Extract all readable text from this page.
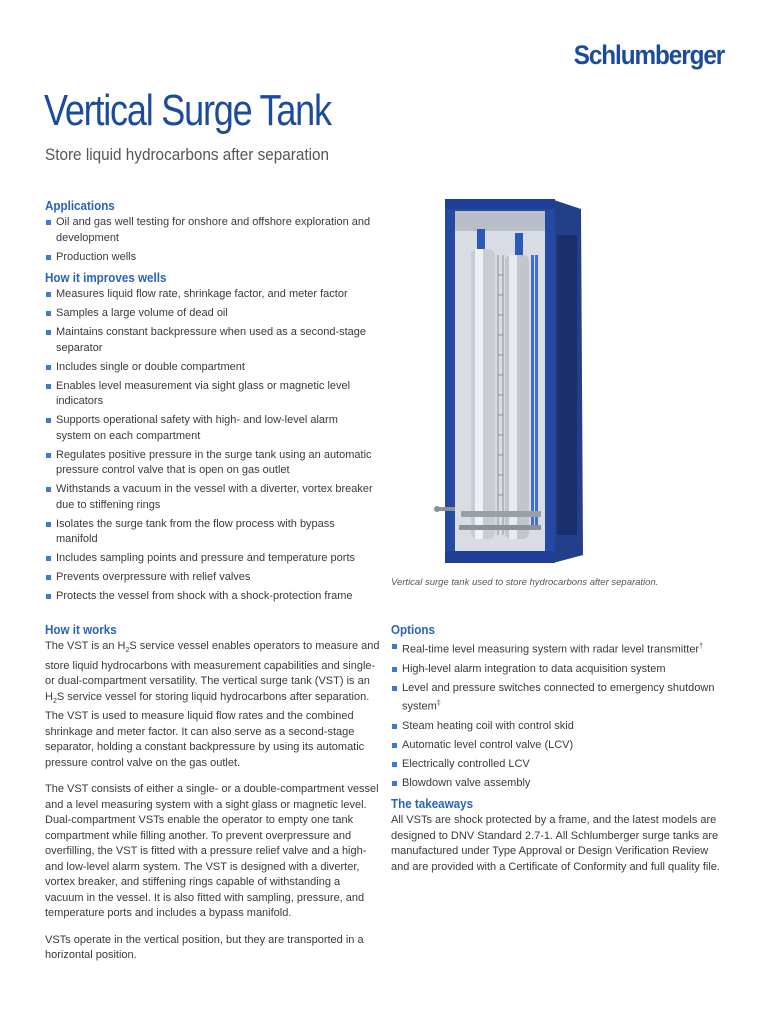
Schlumberger
Vertical Surge Tank
Store liquid hydrocarbons after separation
Applications
Oil and gas well testing for onshore and offshore exploration and development
Production wells
How it improves wells
Measures liquid flow rate, shrinkage factor, and meter factor
Samples a large volume of dead oil
Maintains constant backpressure when used as a second-stage separator
Includes single or double compartment
Enables level measurement via sight glass or magnetic level indicators
Supports operational safety with high- and low-level alarm system on each compartment
Regulates positive pressure in the surge tank using an automatic pressure control valve that is open on gas outlet
Withstands a vacuum in the vessel with a diverter, vortex breaker due to stiffening rings
Isolates the surge tank from the flow process with bypass manifold
Includes sampling points and pressure and temperature ports
Prevents overpressure with relief valves
Protects the vessel from shock with a shock-protection frame
Vertical surge tank used to store hydrocarbons after separation.
How it works

The VST is an $H_2S$ service vessel enables operators to measure and store liquid hydrocarbons with measurement capabilities and single- or dual-compartment versatility. The vertical surge tank (VST) is an $H_2S$ service vessel for storing liquid hydrocarbons after separation. The VST is used to measure liquid flow rates and the combined shrinkage and meter factor. It can also serve as a second-stage separator, holding a constant backpressure by using its automatic pressure control valve on the gas outlet.

The VST consists of either a single- or a double-compartment vessel and a level measuring system with a sight glass or magnetic level. Dual-compartment VSTs enable the operator to empty one tank compartment while filling another. To prevent overpressure and overfilling, the VST is fitted with a pressure relief valve and a high- and low-level alarm system. The VST is designed with a diverter, vortex breaker, and stiffening rings capable of withstanding a vacuum in the vessel. It is also fitted with sampling, pressure, and temperature ports and includes a bypass manifold.

VSTs operate in the vertical position, but they are transported in a horizontal position.

Options
Real-time level measuring system with radar level transmitter†
High-level alarm integration to data acquisition system
Level and pressure switches connected to emergency shutdown system‡
Steam heating coil with control skid
Automatic level control valve (LCV)
Electrically controlled LCV
Blowdown valve assembly
The takeaways

All VSTs are shock protected by a frame, and the latest models are designed to DNV Standard 2.7-1. All Schlumberger surge tanks are manufactured under Type Approval or Design Verification Review and are provided with a Certificate of Conformity and full quality file.
